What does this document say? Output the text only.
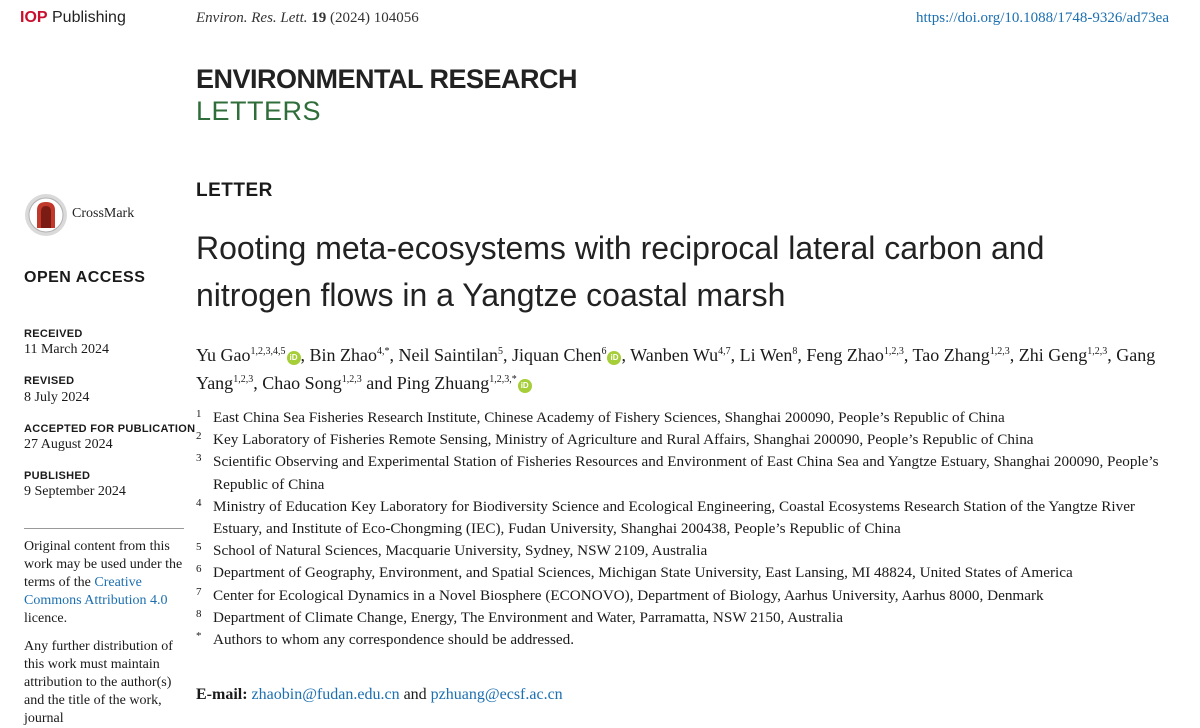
IOP Publishing	Environ. Res. Lett. 19 (2024) 104056	https://doi.org/10.1088/1748-9326/ad73ea
ENVIRONMENTAL RESEARCH
LETTERS
CrossMark
OPEN ACCESS
RECEIVED
11 March 2024
REVISED
8 July 2024
ACCEPTED FOR PUBLICATION
27 August 2024
PUBLISHED
9 September 2024
Original content from this work may be used under the terms of the Creative Commons Attribution 4.0 licence.
Any further distribution of this work must maintain attribution to the author(s) and the title of the work, journal
LETTER
Rooting meta-ecosystems with reciprocal lateral carbon and nitrogen flows in a Yangtze coastal marsh
Yu Gao$^{1,2,3,4,5}$iD , Bin Zhao$^{4,*}$, Neil Saintilan$^5$, Jiquan Chen$^6$iD , Wanben Wu$^{4,7}$, Li Wen$^8$, Feng Zhao$^{1,2,3}$, Tao Zhang$^{1,2,3}$, Zhi Geng$^{1,2,3}$, Gang Yang$^{1,2,3}$, Chao Song$^{1,2,3}$ and Ping Zhuang$^{1,2,3,*}$iD
1 East China Sea Fisheries Research Institute, Chinese Academy of Fishery Sciences, Shanghai 200090, People’s Republic of China
2 Key Laboratory of Fisheries Remote Sensing, Ministry of Agriculture and Rural Affairs, Shanghai 200090, People’s Republic of China
3 Scientific Observing and Experimental Station of Fisheries Resources and Environment of East China Sea and Yangtze Estuary, Shanghai 200090, People’s Republic of China
4 Ministry of Education Key Laboratory for Biodiversity Science and Ecological Engineering, Coastal Ecosystems Research Station of the Yangtze River Estuary, and Institute of Eco-Chongming (IEC), Fudan University, Shanghai 200438, People’s Republic of China
5 School of Natural Sciences, Macquarie University, Sydney, NSW 2109, Australia
6 Department of Geography, Environment, and Spatial Sciences, Michigan State University, East Lansing, MI 48824, United States of America
7 Center for Ecological Dynamics in a Novel Biosphere (ECONOVO), Department of Biology, Aarhus University, Aarhus 8000, Denmark
8 Department of Climate Change, Energy, The Environment and Water, Parramatta, NSW 2150, Australia
* Authors to whom any correspondence should be addressed.
E-mail: zhaobin@fudan.edu.cn and pzhuang@ecsf.ac.cn
